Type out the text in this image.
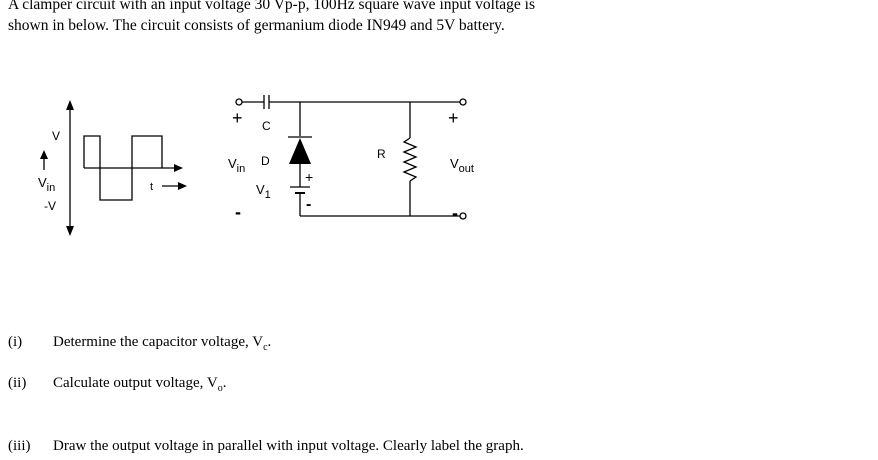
A clamper circuit with an input voltage 30 Vp-p, 100Hz square wave input voltage is
shown in below. The circuit consists of germanium diode IN949 and 5V battery.
V
$V_{in}$
-V
t
+ C
$V_{in}$
D
$V_1$
-
+
-
R
+
$V_{out}$
-
(i) Determine the capacitor voltage, $V_c$.
(ii) Calculate output voltage, $V_o$.
(iii) Draw the output voltage in parallel with input voltage. Clearly label the graph.
